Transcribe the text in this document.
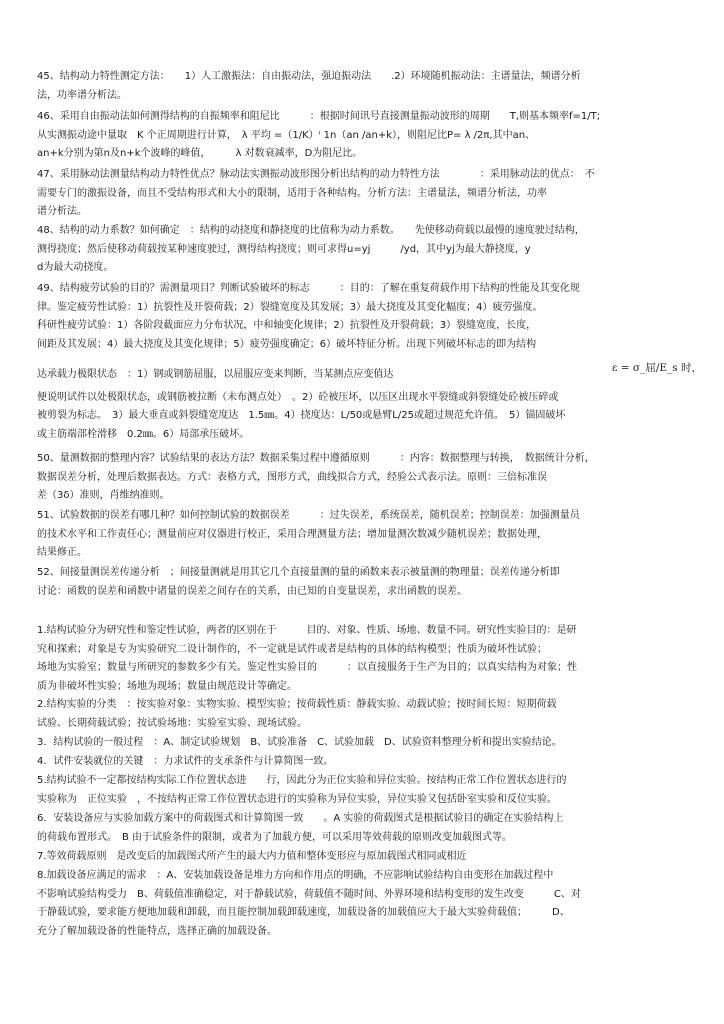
45、结构动力特性测定方法：　　1）人工激振法：自由振动法，强迫振动法　　.2）环境随机振动法：主谱量法，频谱分析
法，功率谱分析法。
46、采用自由振动法如何测得结构的自振频率和阻尼比　　　：根据时间讯号直接测量振动波形的周期　　T,则基本频率f=1/T;
从实测振动途中量取　K 个正周期进行计算，　λ 平均 =（1/K）ⁱ 1n（an /an+k），则阻尼比P= λ /2π,其中an、
an+k分别为第n及n+k个波峰的峰值，　　　λ 对数衰减率，D为阻尼比。
47、采用脉动法测量结构动力特性优点？脉动法实测振动波形图分析出结构的动力特性方法　　　　：采用脉动法的优点：　不
需要专门的激振设备，而且不受结构形式和大小的限制，适用于各种结构。分析方法：主谱量法，频谱分析法，功率
谱分析法。
48、结构的动力系数？如何确定　：结构的动挠度和静挠度的比值称为动力系数。　　先使移动荷载以最慢的速度驶过结构，
测得挠度；然后使移动荷载按某种速度驶过，测得结构挠度；则可求得u=yj　　　/yd，其中yj为最大静挠度，y
d为最大动挠度。
49、结构疲劳试验的目的？需测量项目？判断试验破坏的标志　　　：目的：了解在重复荷载作用下结构的性能及其变化规
律。鉴定疲劳性试验：1）抗裂性及开裂荷载；2）裂缝宽度及其发展；3）最大挠度及其变化幅度；4）疲劳强度。
科研性疲劳试验：1）各阶段截面应力分布状况，中和轴变化规律；2）抗裂性及开裂荷载；3）裂缝宽度，长度，
间距及其发展；4）最大挠度及其变化规律；5）疲劳强度确定；6）破坏特征分析。出现下列破坏标志的即为结构
ε = σ_屈/E_s 时，
达承载力极限状态　：1）钢或钢筋屈服，以屈服应变来判断，当某测点应变值达
便说明试件以处极限状态，或钢筋被拉断（未布测点处）　。2）砼被压坏，以压区出现水平裂缝或斜裂缝处砼被压碎或
被剪裂为标志。　3）最大垂直或斜裂缝宽度达　1.5㎜。4）挠度达：L/50或悬臂L/25或超过规范允许值。　5）锚固破坏
或主筋端部栓滑移　0.2㎜。6）局部承压破坏。
50、量测数据的整理内容？试验结果的表达方法？数据采集过程中遵循原则　　　：内容：数据整理与转换，　数据统计分析，
数据误差分析，处理后数据表达。方式：表格方式，图形方式，曲线拟合方式，经验公式表示法。原则：三倍标准误
差（3δ）准则，肖维纳准则。
51、试验数据的误差有哪几种？如何控制试验的数据误差　　　：过失误差，系统误差，随机误差；控制误差：加强测量员
的技术水平和工作责任心；测量前应对仪器进行校正，采用合理测量方法；增加量测次数减少随机误差；数据处理，
结果修正。
52、间接量测误差传递分析　；间接量测就是用其它几个直接量测的量的函数来表示被量测的物理量；误差传递分析即
讨论：函数的误差和函数中诸量的误差之间存在的关系，由已知的自变量误差，求出函数的误差。
1.结构试验分为研究性和鉴定性试验，两者的区别在于　　　目的、对象、性质、场地、数量不同。研究性实验目的：是研
究和探索；对象是专为实验研究二设计制作的，不一定就是试件或者是结构的具体的结构模型；性质为破坏性试验；
场地为实验室；数量与所研究的参数多少有关。鉴定性实验目的　　　：以直接服务于生产为目的；以真实结构为对象；性
质为非破坏性实验；场地为现场；数量由规范设计等确定。
2.结构实验的分类　：按实验对象：实物实验、模型实验；按荷载性质：静载实验、动载试验；按时间长短：短期荷载
试验、长期荷载试验；按试验场地：实验室实验、现场试验。
3．结构试验的一般过程　：A、制定试验规划　B、试验准备　C、试验加载　D、试验资料整理分析和提出实验结论。
4．试件安装就位的关键　：力求试件的支承条件与计算简图一致。
5.结构试验不一定都按结构实际工作位置状态进　　行，因此分为正位实验和异位实验。按结构正常工作位置状态进行的
实验称为　正位实验　，不按结构正常工作位置状态进行的实验称为异位实验，异位实验又包括卧室实验和反位实验。
6．安装设备应与实验加载方案中的荷载图式和计算简图一致　　。A 实验的荷载图式是根据试验目的确定在实验结构上
的荷载布置形式。　B 由于试验条件的限制，或者为了加载方便，可以采用等效荷载的原则改变加载图式等。
7.等效荷载原则　是改变后的加载图式所产生的最大内力值和整体变形应与原加载图式相同或相近
8.加载设备应满足的需求　：A、安装加载设备是堆力方向和作用点的明确，不应影响试验结构自由变形在加载过程中
不影响试验结构受力　B、荷载值准确稳定，对于静载试验，荷载值不随时间、外界环境和结构变形的发生改变　　　C、对
于静载试验，要求能方便地加载和卸载，而且能控制加载卸载速度，加载设备的加载值应大于最大实验荷载值；　　　D、
充分了解加载设备的性能特点，选择正确的加载设备。
